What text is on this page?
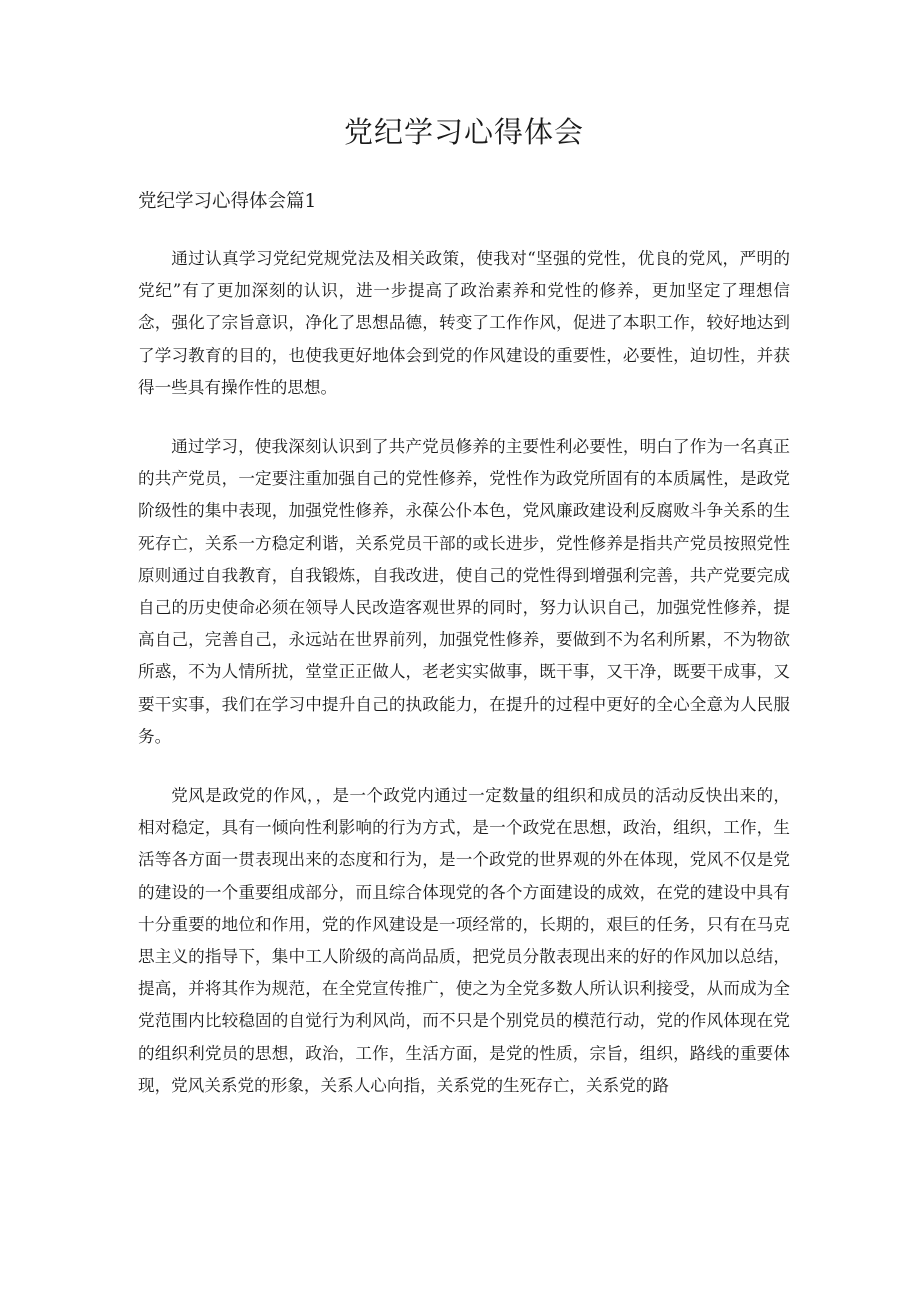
党纪学习心得体会
党纪学习心得体会篇1

通过认真学习党纪党规党法及相关政策，使我对“坚强的党性，优良的党风，严明的党纪”有了更加深刻的认识，进一步提高了政治素养和党性的修养，更加坚定了理想信念，强化了宗旨意识，净化了思想品德，转变了工作作风，促进了本职工作，较好地达到了学习教育的目的，也使我更好地体会到党的作风建设的重要性，必要性，迫切性，并获得一些具有操作性的思想。

通过学习，使我深刻认识到了共产党员修养的主要性利必要性，明白了作为一名真正的共产党员，一定要注重加强自己的党性修养，党性作为政党所固有的本质属性，是政党阶级性的集中表现，加强党性修养，永葆公仆本色，党风廉政建设利反腐败斗争关系的生死存亡，关系一方稳定利谐，关系党员干部的或长进步，党性修养是指共产党员按照党性原则通过自我教育，自我锻炼，自我改进，使自己的党性得到增强利完善，共产党要完成自己的历史使命必须在领导人民改造客观世界的同时，努力认识自己，加强党性修养，提高自己，完善自己，永远站在世界前列，加强党性修养，要做到不为名利所累，不为物欲所惑，不为人情所扰，堂堂正正做人，老老实实做事，既干事，又干净，既要干成事，又要干实事，我们在学习中提升自己的执政能力，在提升的过程中更好的全心全意为人民服务。

党风是政党的作风，，是一个政党内通过一定数量的组织和成员的活动反快出来的，相对稳定，具有一倾向性利影响的行为方式，是一个政党在思想，政治，组织，工作，生活等各方面一贯表现出来的态度和行为，是一个政党的世界观的外在体现，党风不仅是党的建设的一个重要组成部分，而且综合体现党的各个方面建设的成效，在党的建设中具有十分重要的地位和作用，党的作风建设是一项经常的，长期的，艰巨的任务，只有在马克思主义的指导下，集中工人阶级的高尚品质，把党员分散表现出来的好的作风加以总结，提高，并将其作为规范，在全党宣传推广，使之为全党多数人所认识利接受，从而成为全党范围内比较稳固的自觉行为利风尚，而不只是个别党员的模范行动，党的作风体现在党的组织利党员的思想，政治，工作，生活方面，是党的性质，宗旨，组织，路线的重要体现，党风关系党的形象，关系人心向指，关系党的生死存亡，关系党的路
